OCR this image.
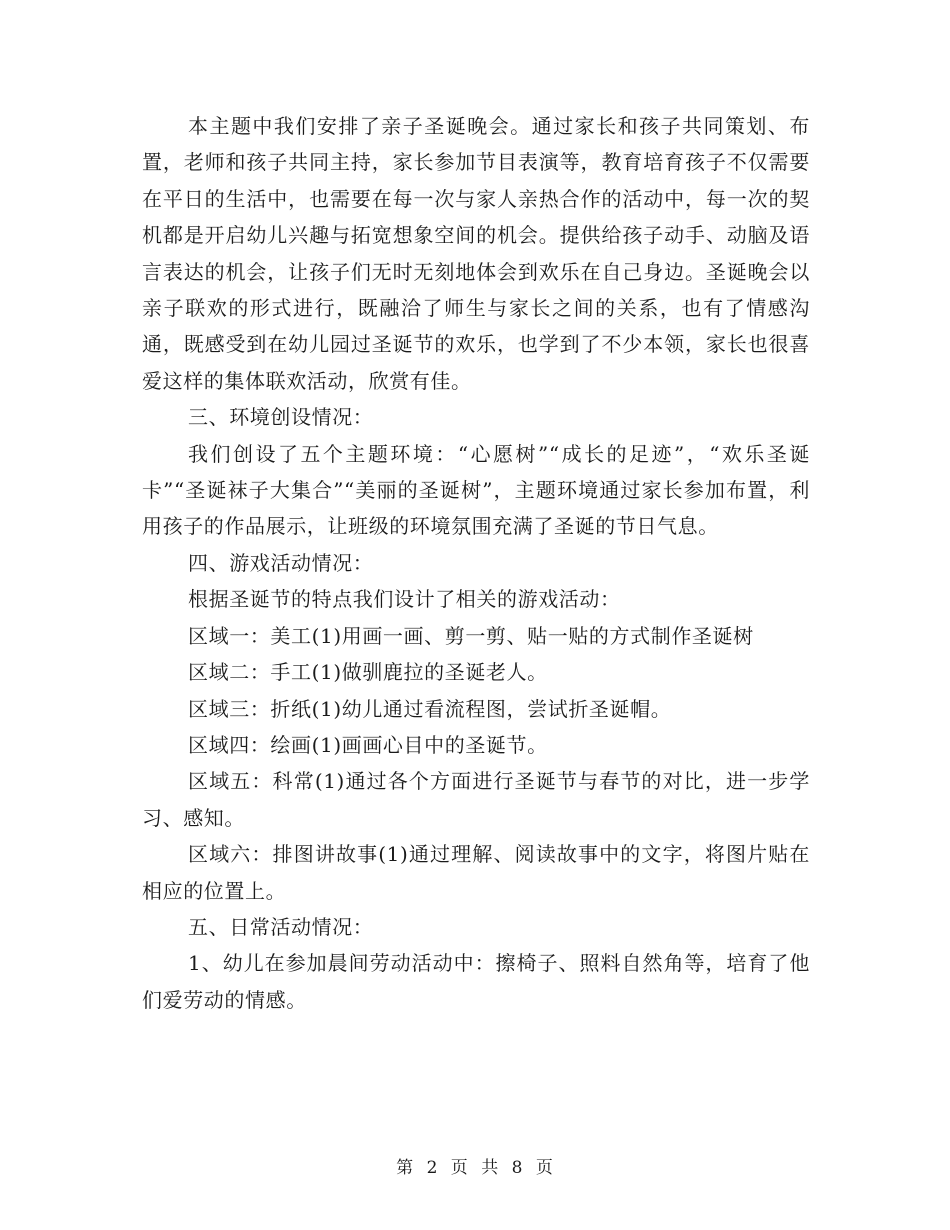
本主题中我们安排了亲子圣诞晚会。通过家长和孩子共同策划、布置，老师和孩子共同主持，家长参加节目表演等，教育培育孩子不仅需要在平日的生活中，也需要在每一次与家人亲热合作的活动中，每一次的契机都是开启幼儿兴趣与拓宽想象空间的机会。提供给孩子动手、动脑及语言表达的机会，让孩子们无时无刻地体会到欢乐在自己身边。圣诞晚会以亲子联欢的形式进行，既融洽了师生与家长之间的关系，也有了情感沟通，既感受到在幼儿园过圣诞节的欢乐，也学到了不少本领，家长也很喜爱这样的集体联欢活动，欣赏有佳。

三、环境创设情况：

我们创设了五个主题环境：“心愿树”“成长的足迹”，“欢乐圣诞卡”“圣诞袜子大集合”“美丽的圣诞树”，主题环境通过家长参加布置，利用孩子的作品展示，让班级的环境氛围充满了圣诞的节日气息。

四、游戏活动情况：

根据圣诞节的特点我们设计了相关的游戏活动：

区域一：美工(1)用画一画、剪一剪、贴一贴的方式制作圣诞树

区域二：手工(1)做驯鹿拉的圣诞老人。

区域三：折纸(1)幼儿通过看流程图，尝试折圣诞帽。

区域四：绘画(1)画画心目中的圣诞节。

区域五：科常(1)通过各个方面进行圣诞节与春节的对比，进一步学习、感知。

区域六：排图讲故事(1)通过理解、阅读故事中的文字，将图片贴在相应的位置上。

五、日常活动情况：

1、幼儿在参加晨间劳动活动中：擦椅子、照料自然角等，培育了他们爱劳动的情感。

第 2 页 共 8 页
